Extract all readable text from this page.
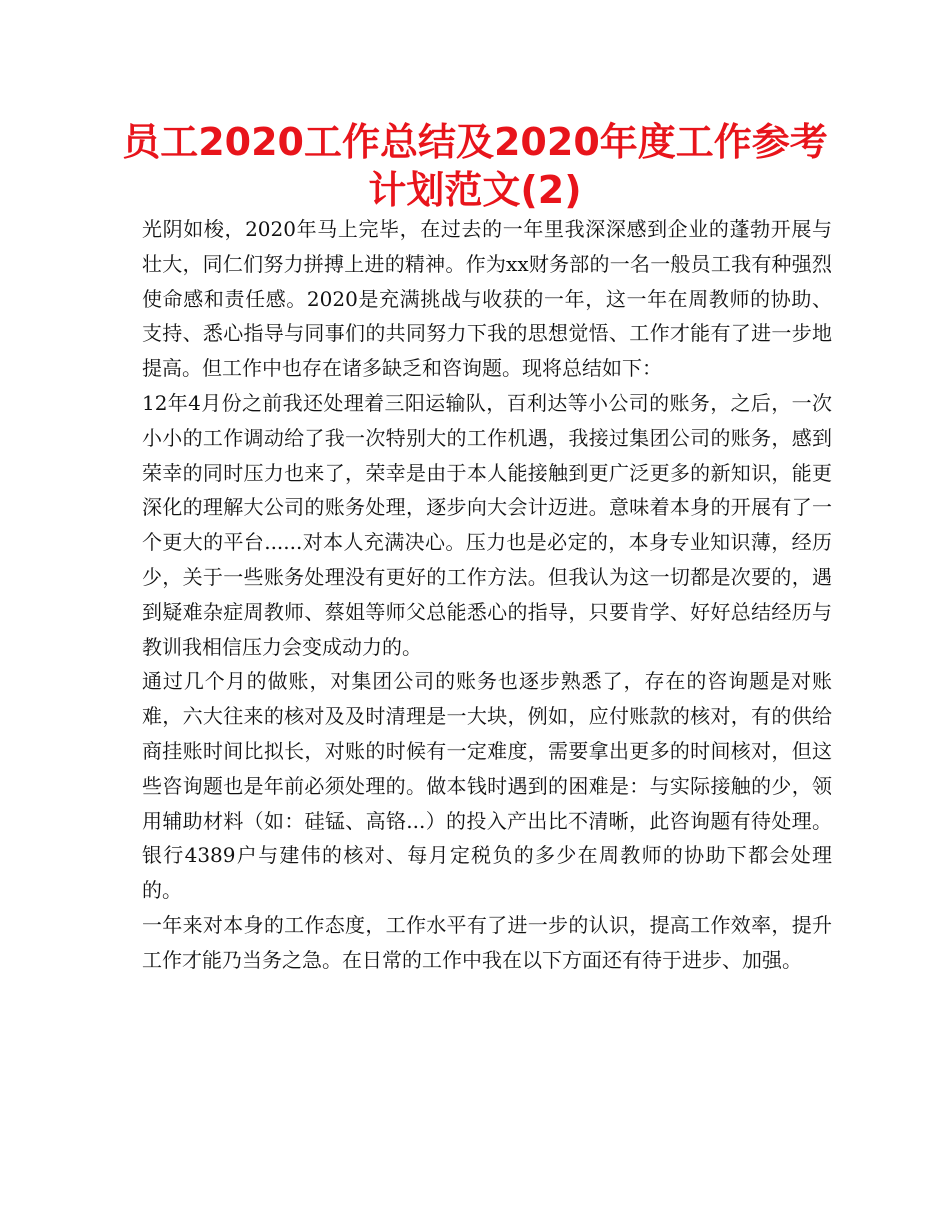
员工2020工作总结及2020年度工作参考计划范文(2)

光阴如梭，2020年马上完毕，在过去的一年里我深深感到企业的蓬勃开展与壮大，同仁们努力拼搏上进的精神。作为xx财务部的一名一般员工我有种强烈使命感和责任感。2020是充满挑战与收获的一年，这一年在周教师的协助、支持、悉心指导与同事们的共同努力下我的思想觉悟、工作才能有了进一步地提高。但工作中也存在诸多缺乏和咨询题。现将总结如下：

12年4月份之前我还处理着三阳运输队，百利达等小公司的账务，之后，一次小小的工作调动给了我一次特别大的工作机遇，我接过集团公司的账务，感到荣幸的同时压力也来了，荣幸是由于本人能接触到更广泛更多的新知识，能更深化的理解大公司的账务处理，逐步向大会计迈进。意味着本身的开展有了一个更大的平台......对本人充满决心。压力也是必定的，本身专业知识薄，经历少，关于一些账务处理没有更好的工作方法。但我认为这一切都是次要的，遇到疑难杂症周教师、蔡姐等师父总能悉心的指导，只要肯学、好好总结经历与教训我相信压力会变成动力的。

通过几个月的做账，对集团公司的账务也逐步熟悉了，存在的咨询题是对账难，六大往来的核对及及时清理是一大块，例如，应付账款的核对，有的供给商挂账时间比拟长，对账的时候有一定难度，需要拿出更多的时间核对，但这些咨询题也是年前必须处理的。做本钱时遇到的困难是：与实际接触的少，领用辅助材料（如：硅锰、高铬...）的投入产出比不清晰，此咨询题有待处理。银行4389户与建伟的核对、每月定税负的多少在周教师的协助下都会处理的。

一年来对本身的工作态度，工作水平有了进一步的认识，提高工作效率，提升工作才能乃当务之急。在日常的工作中我在以下方面还有待于进步、加强。
